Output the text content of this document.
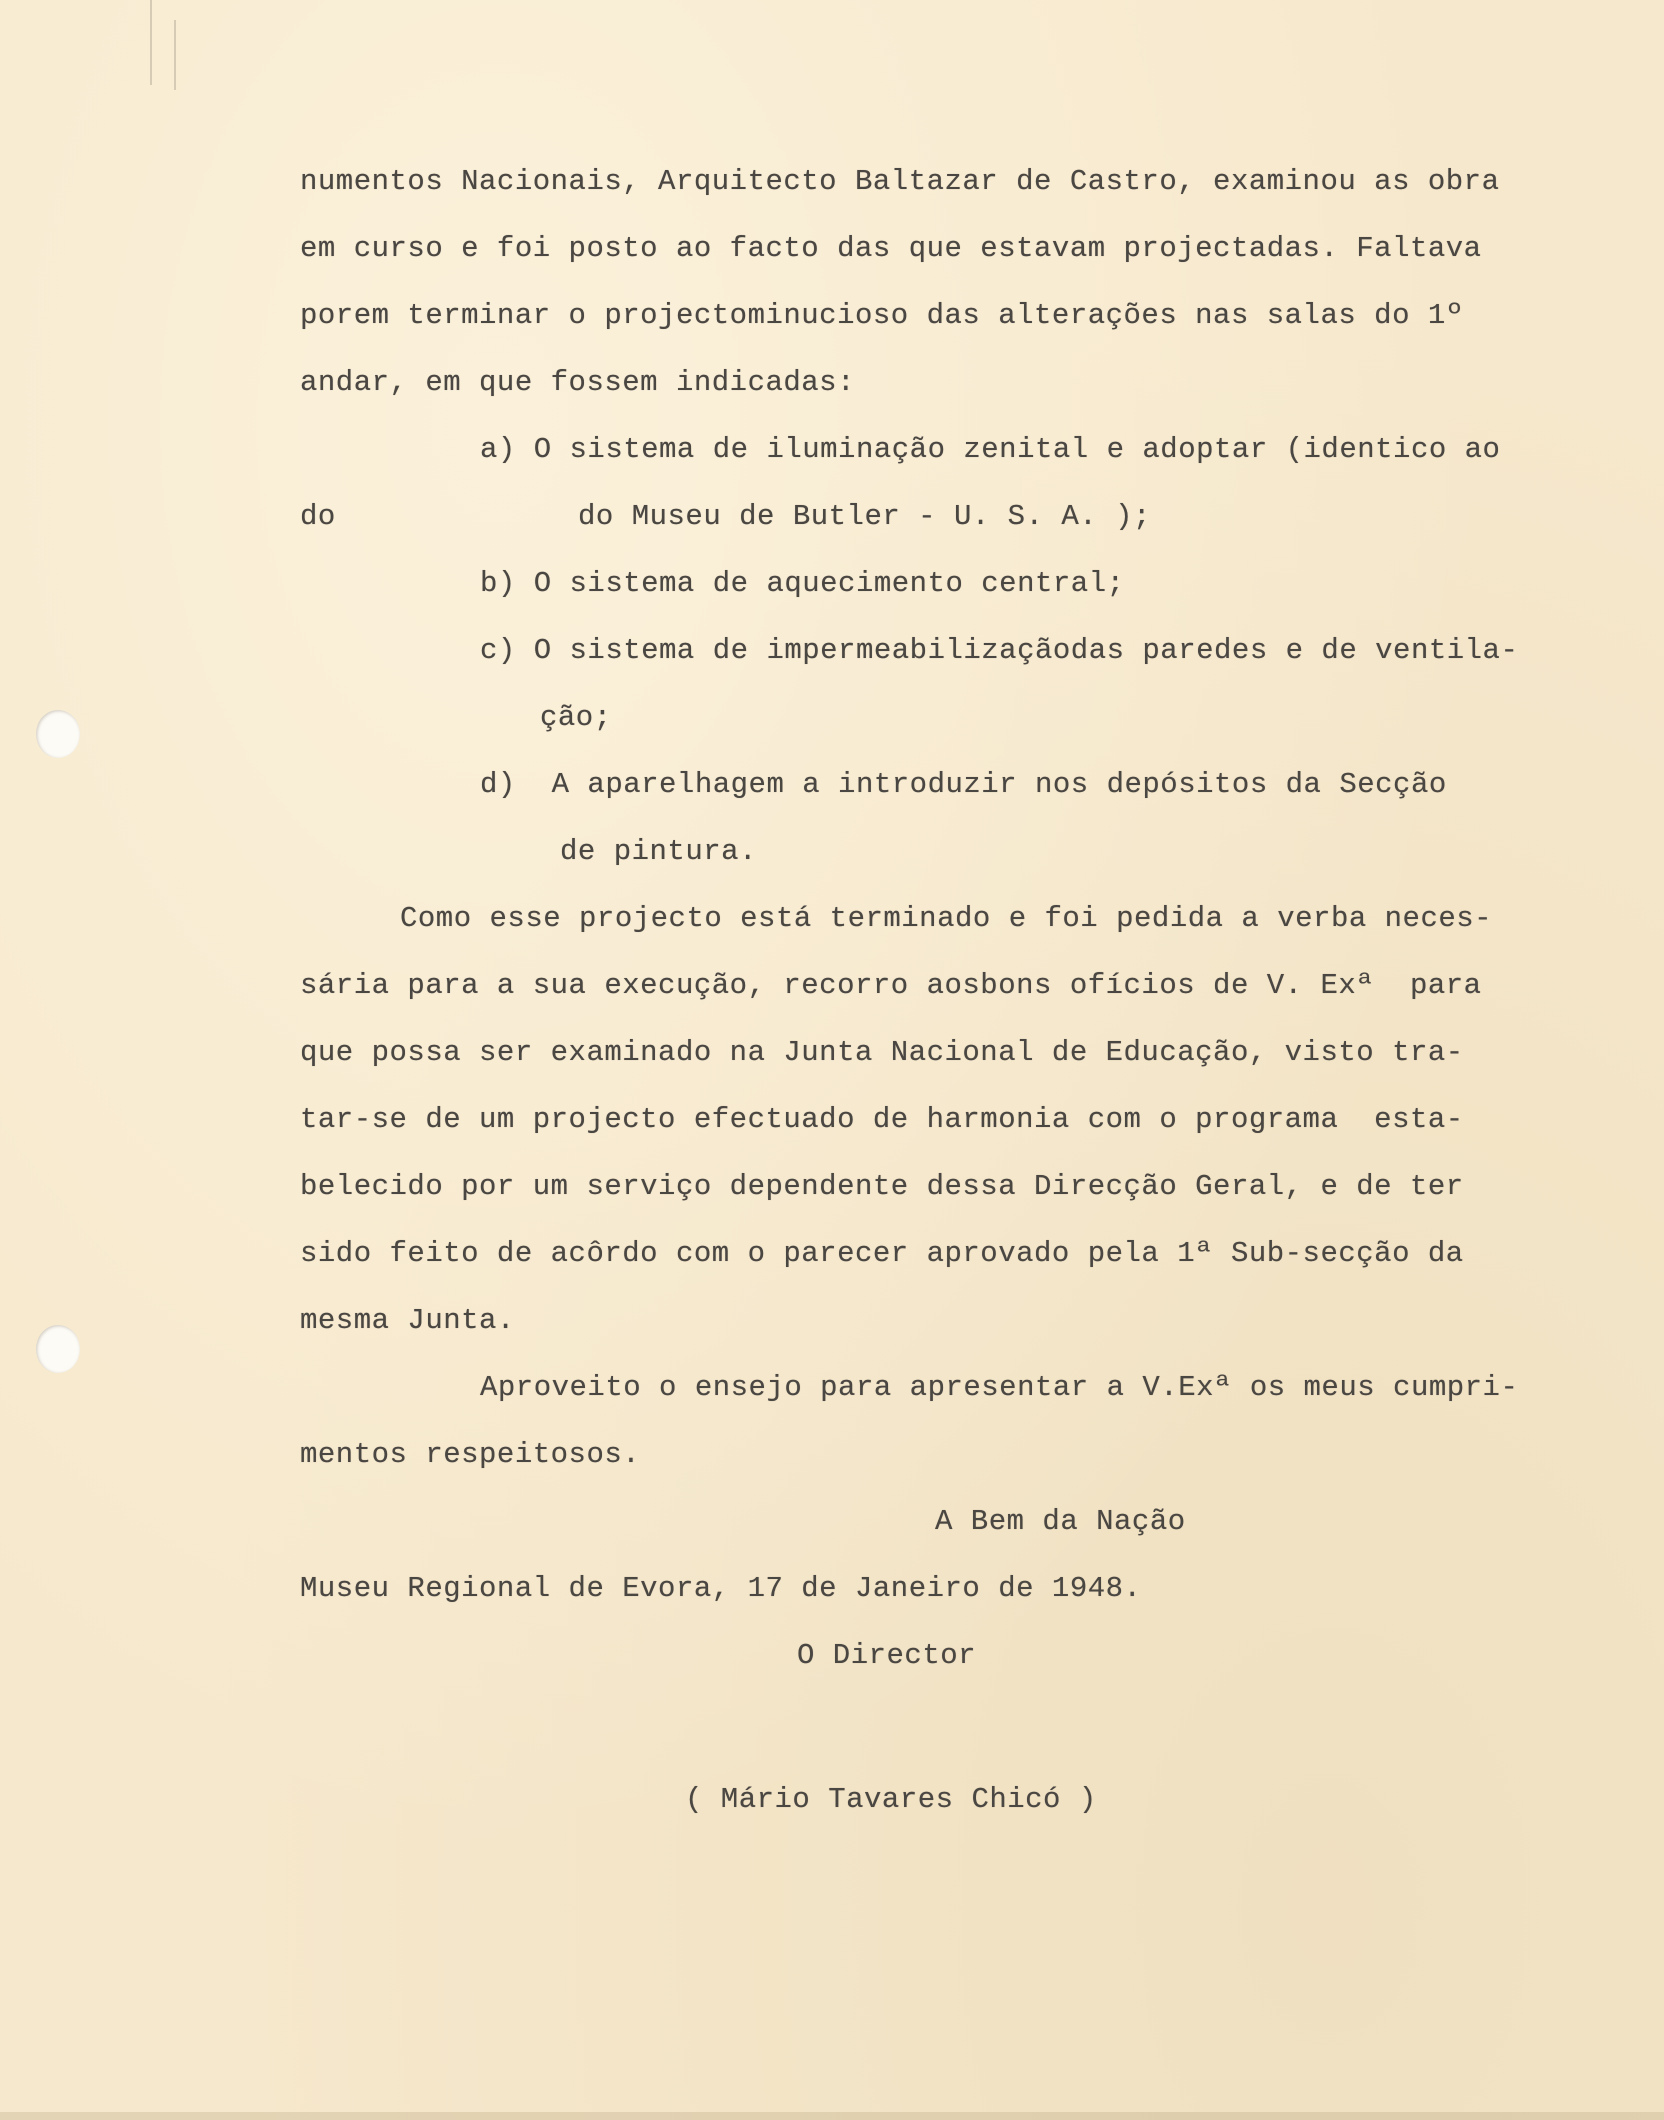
numentos Nacionais, Arquitecto Baltazar de Castro, examinou as obra
em curso e foi posto ao facto das que estavam projectadas. Faltava
porem terminar o projectominucioso das alterações nas salas do 1º
andar, em que fossem indicadas:
a) O sistema de iluminação zenital e adoptar (identico ao
do	do Museu de Butler - U. S. A. );
b) O sistema de aquecimento central;
c) O sistema de impermeabilizaçãodas paredes e de ventila-
ção;
d)  A aparelhagem a introduzir nos depósitos da Secção
de pintura.
Como esse projecto está terminado e foi pedida a verba neces-
sária para a sua execução, recorro aosbons ofícios de V. Exª  para
que possa ser examinado na Junta Nacional de Educação, visto tra-
tar-se de um projecto efectuado de harmonia com o programa  esta-
belecido por um serviço dependente dessa Direcção Geral, e de ter
sido feito de acôrdo com o parecer aprovado pela 1ª Sub-secção da
mesma Junta.
Aproveito o ensejo para apresentar a V.Exª os meus cumpri-
mentos respeitosos.
A Bem da Nação
Museu Regional de Evora, 17 de Janeiro de 1948.
O Director
( Mário Tavares Chicó )
